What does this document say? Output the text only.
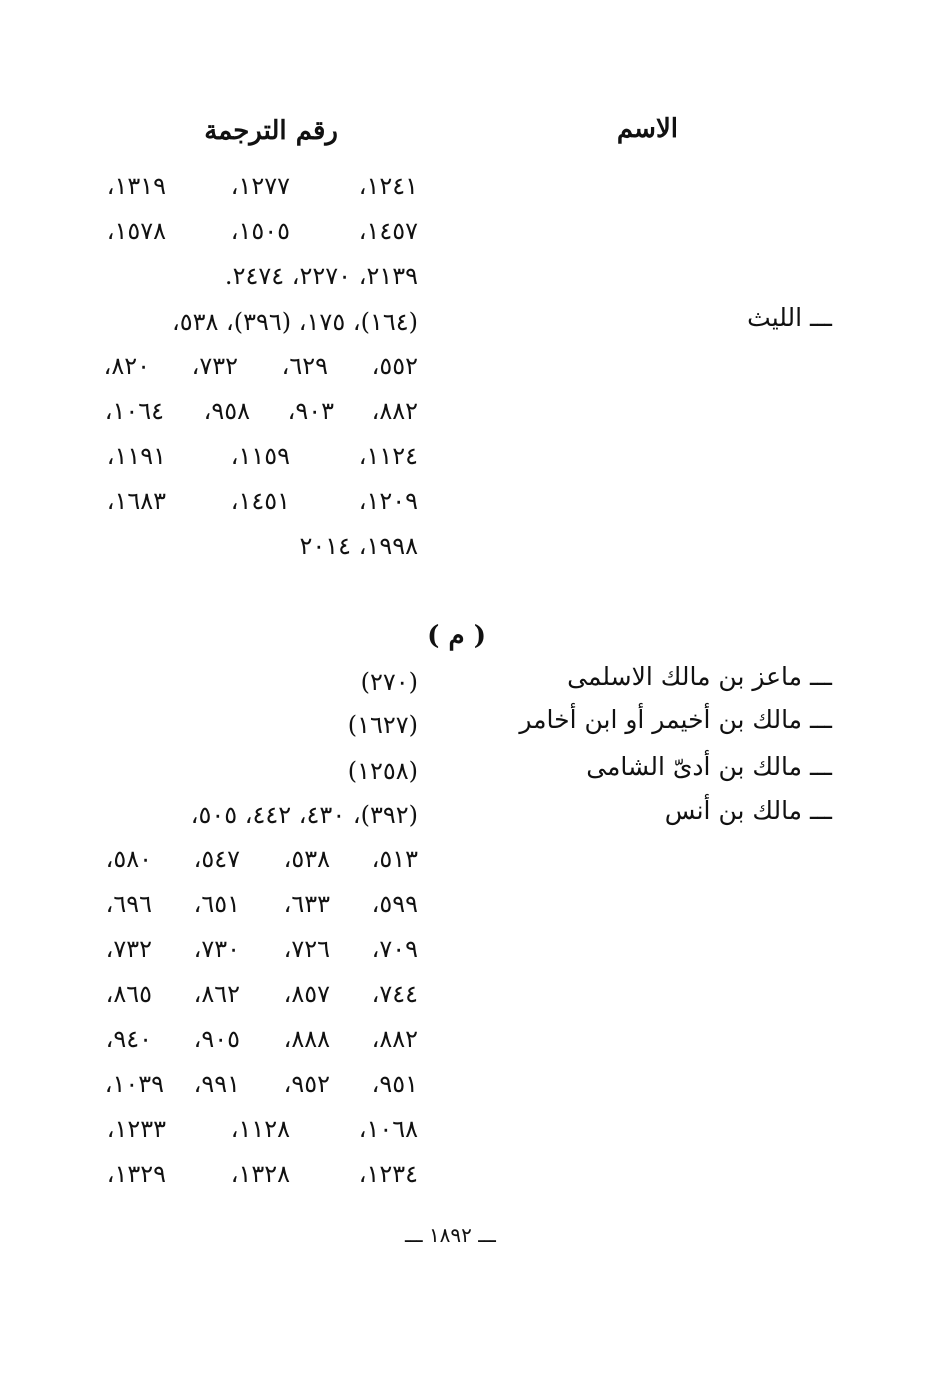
الاسم
رقم الترجمة
١٢٤١،
١٢٧٧،
١٣١٩،
١٤٥٧،
١٥٠٥،
١٥٧٨،
٢١٣٩، ٢٢٧٠، ٢٤٧٤.
ـــ الليث
(١٦٤)، ١٧٥، (٣٩٦)، ٥٣٨،
٥٥٢،
٦٢٩،
٧٣٢،
٨٢٠،
٨٨٢،
٩٠٣،
٩٥٨،
١٠٦٤،
١١٢٤،
١١٥٩،
١١٩١،
١٢٠٩،
١٤٥١،
١٦٨٣،
١٩٩٨، ٢٠١٤
( م )
ـــ ماعز بن مالك الاسلمى
(٢٧٠)
ـــ مالك بن أخيمر أو ابن أخامر
(١٦٢٧)
ـــ مالك بن أدىّ الشامى
(١٢٥٨)
ـــ مالك بن أنس
(٣٩٢)، ٤٣٠، ٤٤٢، ٥٠٥،
٥١٣،
٥٣٨،
٥٤٧،
٥٨٠،
٥٩٩،
٦٣٣،
٦٥١،
٦٩٦،
٧٠٩،
٧٢٦،
٧٣٠،
٧٣٢،
٧٤٤،
٨٥٧،
٨٦٢،
٨٦٥،
٨٨٢،
٨٨٨،
٩٠٥،
٩٤٠،
٩٥١،
٩٥٢،
٩٩١،
١٠٣٩،
١٠٦٨،
١١٢٨،
١٢٣٣،
١٢٣٤،
١٣٢٨،
١٣٢٩،
ـــ ١٨٩٢ ـــ
